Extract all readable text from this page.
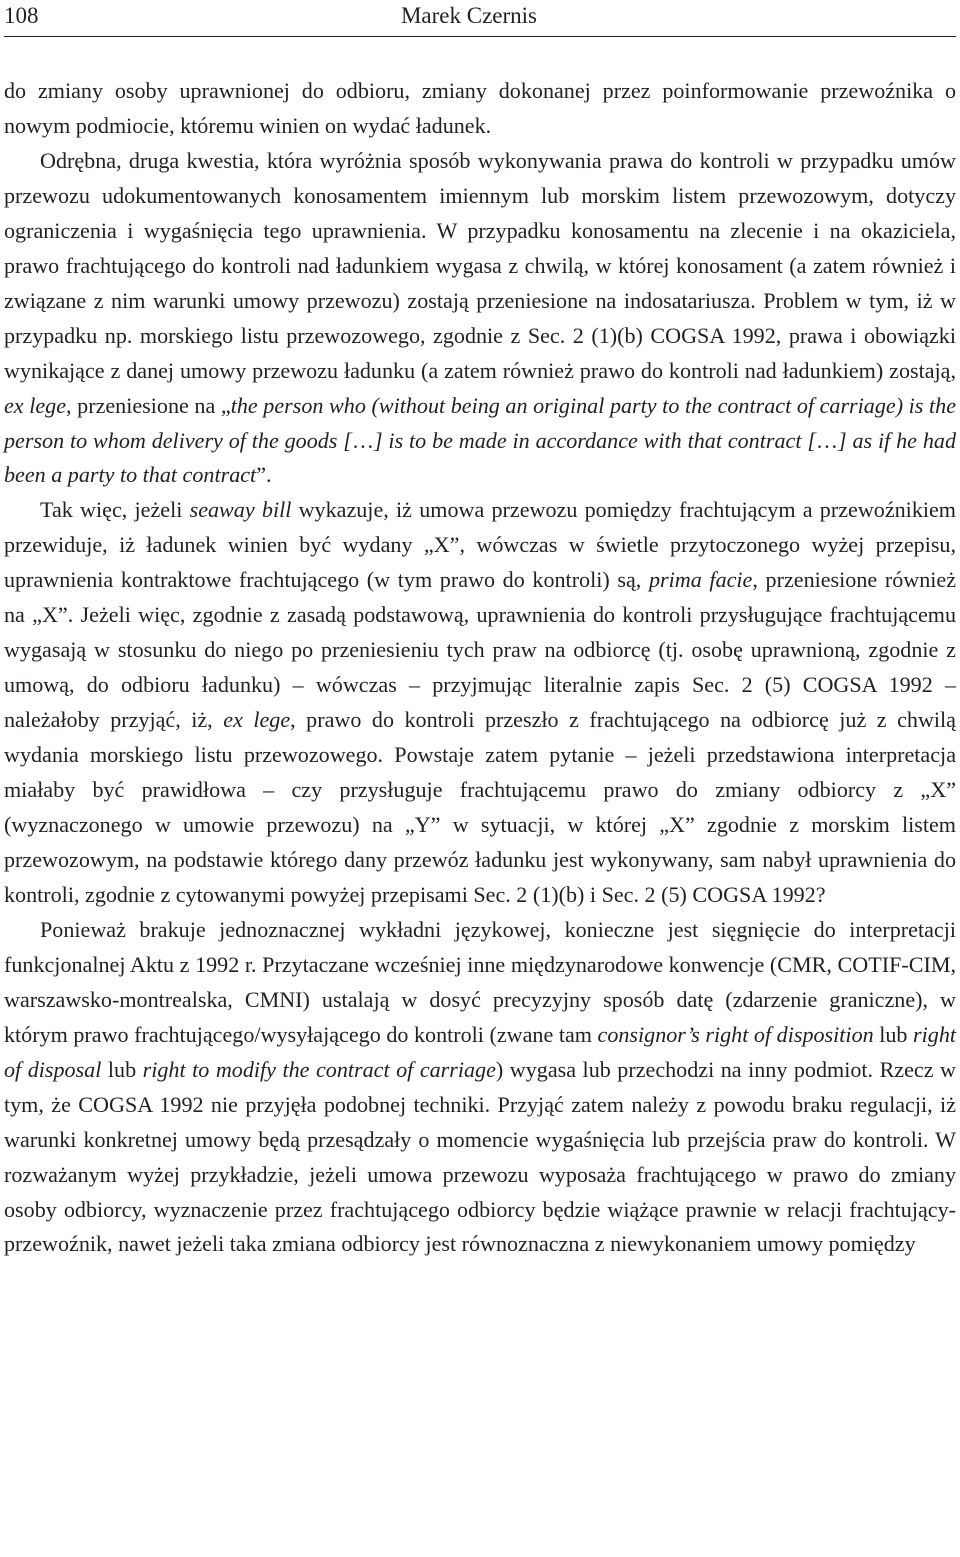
108	Marek Czernis

do zmiany osoby uprawnionej do odbioru, zmiany dokonanej przez poinformowanie przewoźnika o nowym podmiocie, któremu winien on wydać ładunek.

Odrębna, druga kwestia, która wyróżnia sposób wykonywania prawa do kontroli w przypadku umów przewozu udokumentowanych konosamentem imiennym lub morskim listem przewozowym, dotyczy ograniczenia i wygaśnięcia tego uprawnienia. W przypadku konosamentu na zlecenie i na okaziciela, prawo frachtującego do kontroli nad ładunkiem wygasa z chwilą, w której konosament (a zatem również i związane z nim warunki umowy przewozu) zostają przeniesione na indosatariusza. Problem w tym, iż w przypadku np. morskiego listu przewozowego, zgodnie z Sec. 2 (1)(b) COGSA 1992, prawa i obowiązki wynikające z danej umowy przewozu ładunku (a zatem również prawo do kontroli nad ładunkiem) zostają, ex lege, przeniesione na „the person who (without being an original party to the contract of carriage) is the person to whom delivery of the goods […] is to be made in accordance with that contract […] as if he had been a party to that contract”.

Tak więc, jeżeli seaway bill wykazuje, iż umowa przewozu pomiędzy frachtującym a przewoźnikiem przewiduje, iż ładunek winien być wydany „X”, wówczas w świetle przytoczonego wyżej przepisu, uprawnienia kontraktowe frachtującego (w tym prawo do kontroli) są, prima facie, przeniesione również na „X”. Jeżeli więc, zgodnie z zasadą podstawową, uprawnienia do kontroli przysługujące frachtującemu wygasają w stosunku do niego po przeniesieniu tych praw na odbiorcę (tj. osobę uprawnioną, zgodnie z umową, do odbioru ładunku) – wówczas – przyjmując literalnie zapis Sec. 2 (5) COGSA 1992 – należałoby przyjąć, iż, ex lege, prawo do kontroli przeszło z frachtującego na odbiorcę już z chwilą wydania morskiego listu przewozowego. Powstaje zatem pytanie – jeżeli przedstawiona interpretacja miałaby być prawidłowa – czy przysługuje frachtującemu prawo do zmiany odbiorcy z „X” (wyznaczonego w umowie przewozu) na „Y” w sytuacji, w której „X” zgodnie z morskim listem przewozowym, na podstawie którego dany przewóz ładunku jest wykonywany, sam nabył uprawnienia do kontroli, zgodnie z cytowanymi powyżej przepisami Sec. 2 (1)(b) i Sec. 2 (5) COGSA 1992?

Ponieważ brakuje jednoznacznej wykładni językowej, konieczne jest sięgnięcie do interpretacji funkcjonalnej Aktu z 1992 r. Przytaczane wcześniej inne międzynarodowe konwencje (CMR, COTIF-CIM, warszawsko-montrealska, CMNI) ustalają w dosyć precyzyjny sposób datę (zdarzenie graniczne), w którym prawo frachtującego/wysyłającego do kontroli (zwane tam consignor’s right of disposition lub right of disposal lub right to modify the contract of carriage) wygasa lub przechodzi na inny podmiot. Rzecz w tym, że COGSA 1992 nie przyjęła podobnej techniki. Przyjąć zatem należy z powodu braku regulacji, iż warunki konkretnej umowy będą przesądzały o momencie wygaśnięcia lub przejścia praw do kontroli. W rozważanym wyżej przykładzie, jeżeli umowa przewozu wyposaża frachtującego w prawo do zmiany osoby odbiorcy, wyznaczenie przez frachtującego odbiorcy będzie wiążące prawnie w relacji frachtujący-przewoźnik, nawet jeżeli taka zmiana odbiorcy jest równoznaczna z niewykonaniem umowy pomiędzy
